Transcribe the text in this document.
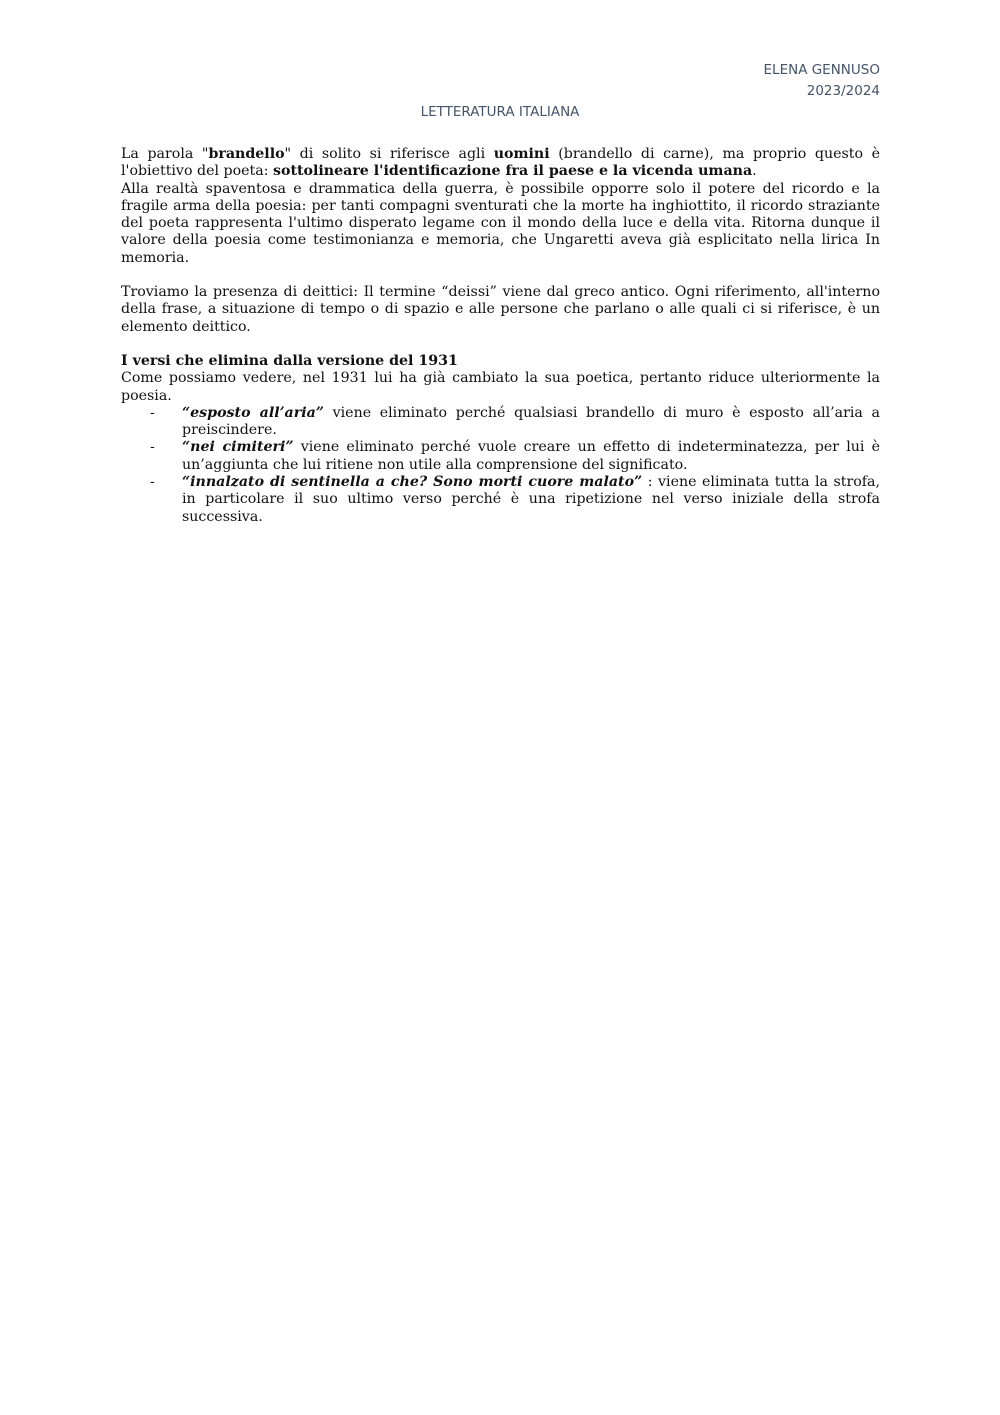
ELENA GENNUSO
2023/2024
LETTERATURA ITALIANA

La parola "brandello" di solito si riferisce agli uomini (brandello di carne), ma proprio questo è l'obiettivo del poeta: sottolineare l'identificazione fra il paese e la vicenda umana.

Alla realtà spaventosa e drammatica della guerra, è possibile opporre solo il potere del ricordo e la fragile arma della poesia: per tanti compagni sventurati che la morte ha inghiottito, il ricordo straziante del poeta rappresenta l'ultimo disperato legame con il mondo della luce e della vita. Ritorna dunque il valore della poesia come testimonianza e memoria, che Ungaretti aveva già esplicitato nella lirica In memoria.

Troviamo la presenza di deittici: Il termine “deissi” viene dal greco antico. Ogni riferimento, all'interno della frase, a situazione di tempo o di spazio e alle persone che parlano o alle quali ci si riferisce, è un elemento deittico.

I versi che elimina dalla versione del 1931

Come possiamo vedere, nel 1931 lui ha già cambiato la sua poetica, pertanto riduce ulteriormente la poesia.

- “esposto all’aria” viene eliminato perché qualsiasi brandello di muro è esposto all’aria a preiscindere.
- “nei cimiteri” viene eliminato perché vuole creare un effetto di indeterminatezza, per lui è un’aggiunta che lui ritiene non utile alla comprensione del significato.
- “innalzato di sentinella a che? Sono morti cuore malato” : viene eliminata tutta la strofa, in particolare il suo ultimo verso perché è una ripetizione nel verso iniziale della strofa successiva.
